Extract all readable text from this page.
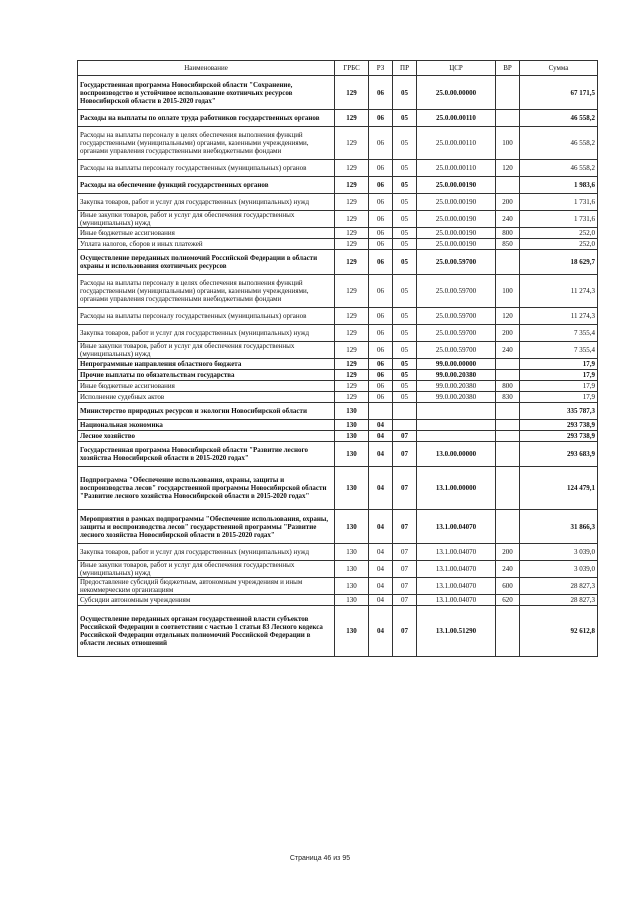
Наименование	ГРБС	РЗ	ПР	ЦСР	ВР	Сумма
Государственная программа Новосибирской области "Сохранение, воспроизводство и устойчивое использование охотничьих ресурсов Новосибирской области в 2015-2020 годах"	129	06	05	25.0.00.00000		67 171,5
Расходы на выплаты по оплате труда работников государственных органов	129	06	05	25.0.00.00110		46 558,2
Расходы на выплаты персоналу в целях обеспечения выполнения функций государственными (муниципальными) органами, казенными учреждениями, органами управления государственными внебюджетными фондами	129	06	05	25.0.00.00110	100	46 558,2
Расходы на выплаты персоналу государственных (муниципальных) органов	129	06	05	25.0.00.00110	120	46 558,2
Расходы на обеспечение функций государственных органов	129	06	05	25.0.00.00190		1 983,6
Закупка товаров, работ и услуг для государственных (муниципальных) нужд	129	06	05	25.0.00.00190	200	1 731,6
Иные закупки товаров, работ и услуг для обеспечения государственных (муниципальных) нужд	129	06	05	25.0.00.00190	240	1 731,6
Иные бюджетные ассигнования	129	06	05	25.0.00.00190	800	252,0
Уплата налогов, сборов и иных платежей	129	06	05	25.0.00.00190	850	252,0
Осуществление переданных полномочий Российской Федерации в области охраны и использования охотничьих ресурсов	129	06	05	25.0.00.59700		18 629,7
Расходы на выплаты персоналу в целях обеспечения выполнения функций государственными (муниципальными) органами, казенными учреждениями, органами управления государственными внебюджетными фондами	129	06	05	25.0.00.59700	100	11 274,3
Расходы на выплаты персоналу государственных (муниципальных) органов	129	06	05	25.0.00.59700	120	11 274,3
Закупка товаров, работ и услуг для государственных (муниципальных) нужд	129	06	05	25.0.00.59700	200	7 355,4
Иные закупки товаров, работ и услуг для обеспечения государственных (муниципальных) нужд	129	06	05	25.0.00.59700	240	7 355,4
Непрограммные направления областного бюджета	129	06	05	99.0.00.00000		17,9
Прочие выплаты по обязательствам государства	129	06	05	99.0.00.20380		17,9
Иные бюджетные ассигнования	129	06	05	99.0.00.20380	800	17,9
Исполнение судебных актов	129	06	05	99.0.00.20380	830	17,9
Министерство природных ресурсов и экологии Новосибирской области	130					335 787,3
Национальная экономика	130	04				293 738,9
Лесное хозяйство	130	04	07			293 738,9
Государственная программа Новосибирской области "Развитие лесного хозяйства Новосибирской области в 2015-2020 годах"	130	04	07	13.0.00.00000		293 683,9
Подпрограмма "Обеспечение использования, охраны, защиты и воспроизводства лесов" государственной программы Новосибирской области "Развитие лесного хозяйства Новосибирской области в 2015-2020 годах"	130	04	07	13.1.00.00000		124 479,1
Мероприятия в рамках подпрограммы "Обеспечение использования, охраны, защиты и воспроизводства лесов" государственной программы "Развитие лесного хозяйства Новосибирской области в 2015-2020 годах"	130	04	07	13.1.00.04070		31 866,3
Закупка товаров, работ и услуг для государственных (муниципальных) нужд	130	04	07	13.1.00.04070	200	3 039,0
Иные закупки товаров, работ и услуг для обеспечения государственных (муниципальных) нужд	130	04	07	13.1.00.04070	240	3 039,0
Предоставление субсидий бюджетным, автономным учреждениям и иным некоммерческим организациям	130	04	07	13.1.00.04070	600	28 827,3
Субсидии автономным учреждениям	130	04	07	13.1.00.04070	620	28 827,3
Осуществление переданных органам государственной власти субъектов Российской Федерации в соответствии с частью 1 статьи 83 Лесного кодекса Российской Федерации отдельных полномочий Российской Федерации в области лесных отношений	130	04	07	13.1.00.51290		92 612,8
Страница 46 из 95
